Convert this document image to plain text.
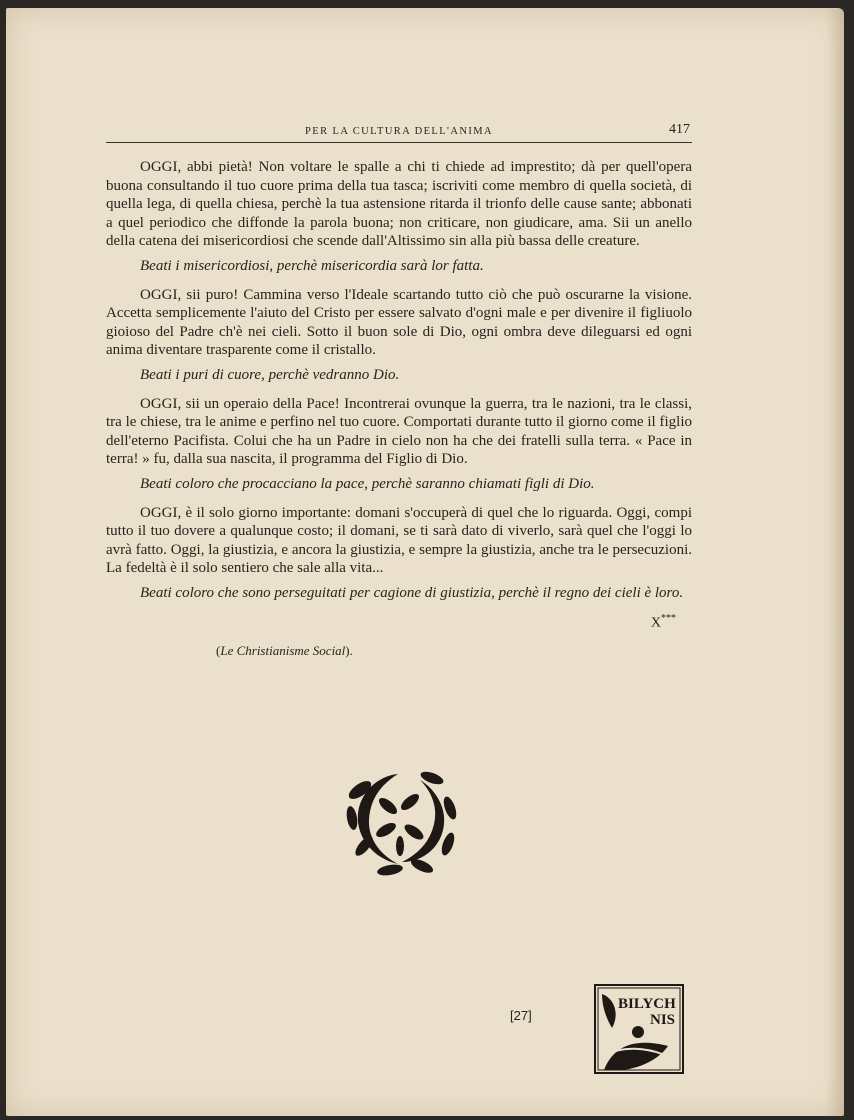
PER LA CULTURA DELL'ANIMA	417

OGGI, abbi pietà! Non voltare le spalle a chi ti chiede ad imprestito; dà per quell'opera buona consultando il tuo cuore prima della tua tasca; iscriviti come membro di quella società, di quella lega, di quella chiesa, perchè la tua astensione ritarda il trionfo delle cause sante; abbonati a quel periodico che diffonde la parola buona; non criticare, non giudicare, ama. Sii un anello della catena dei misericordiosi che scende dall'Altissimo sin alla più bassa delle creature.

Beati i misericordiosi, perchè misericordia sarà lor fatta.

OGGI, sii puro! Cammina verso l'Ideale scartando tutto ciò che può oscurarne la visione. Accetta semplicemente l'aiuto del Cristo per essere salvato d'ogni male e per divenire il figliuolo gioioso del Padre ch'è nei cieli. Sotto il buon sole di Dio, ogni ombra deve dileguarsi ed ogni anima diventare trasparente come il cristallo.

Beati i puri di cuore, perchè vedranno Dio.

OGGI, sii un operaio della Pace! Incontrerai ovunque la guerra, tra le nazioni, tra le classi, tra le chiese, tra le anime e perfino nel tuo cuore. Comportati durante tutto il giorno come il figlio dell'eterno Pacifista. Colui che ha un Padre in cielo non ha che dei fratelli sulla terra. « Pace in terra! » fu, dalla sua nascita, il programma del Figlio di Dio.

Beati coloro che procacciano la pace, perchè saranno chiamati figli di Dio.

OGGI, è il solo giorno importante: domani s'occuperà di quel che lo riguarda. Oggi, compi tutto il tuo dovere a qualunque costo; il domani, se ti sarà dato di viverlo, sarà quel che l'oggi lo avrà fatto. Oggi, la giustizia, e ancora la giustizia, e sempre la giustizia, anche tra le persecuzioni. La fedeltà è il solo sentiero che sale alla vita...

Beati coloro che sono perseguitati per cagione di giustizia, perchè il regno dei cieli è loro.

X***
(Le Christianisme Social).
[27]
BILYCH
NIS
